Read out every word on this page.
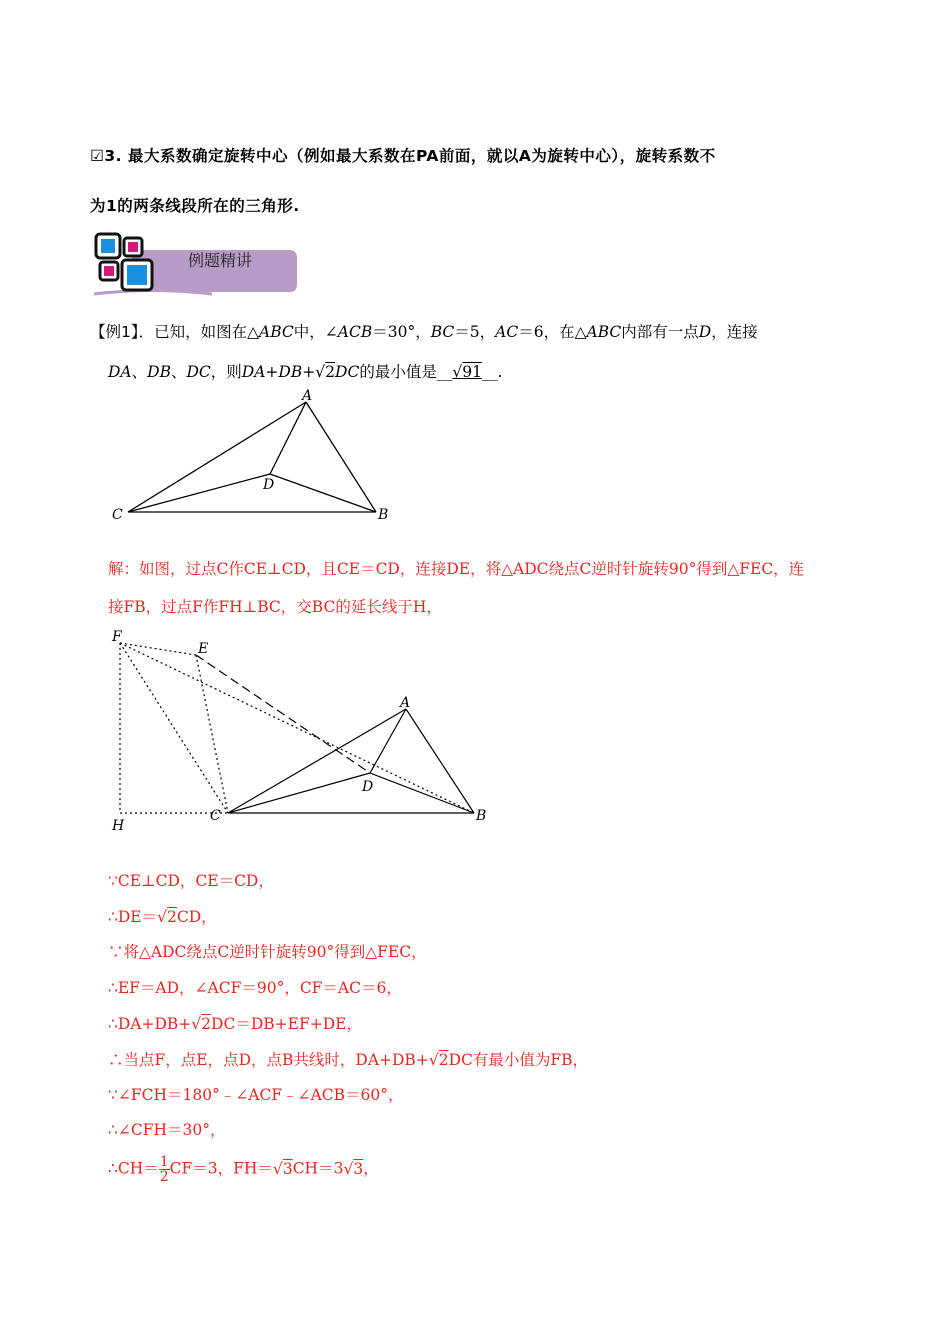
☑3. 最大系数确定旋转中心（例如最大系数在PA前面，就以A为旋转中心），旋转系数不
为1的两条线段所在的三角形.
例题精讲
【例1】．已知，如图在△ABC中，∠ACB＝30°，BC＝5，AC＝6，在△ABC内部有一点D，连接
DA、DB、DC，则DA+DB+√2DC的最小值是__√91__.
A
B
C
D
解：如图，过点C作CE⊥CD，且CE＝CD，连接DE，将△ADC绕点C逆时针旋转90°得到△FEC，连
接FB，过点F作FH⊥BC，交BC的延长线于H，
F
E
A
D
C	B
H
∵CE⊥CD，CE＝CD，
∴DE＝√2CD，
∵将△ADC绕点C逆时针旋转90°得到△FEC，
∴EF＝AD，∠ACF＝90°，CF＝AC＝6，
∴DA+DB+√2DC＝DB+EF+DE，
∴当点F，点E，点D，点B共线时，DA+DB+√2DC有最小值为FB，
∵∠FCH＝180°﹣∠ACF﹣∠ACB＝60°，
∴∠CFH＝30°，
∴CH＝ $\frac{1}{2} CF=3$，FH＝√3CH＝3√3，
